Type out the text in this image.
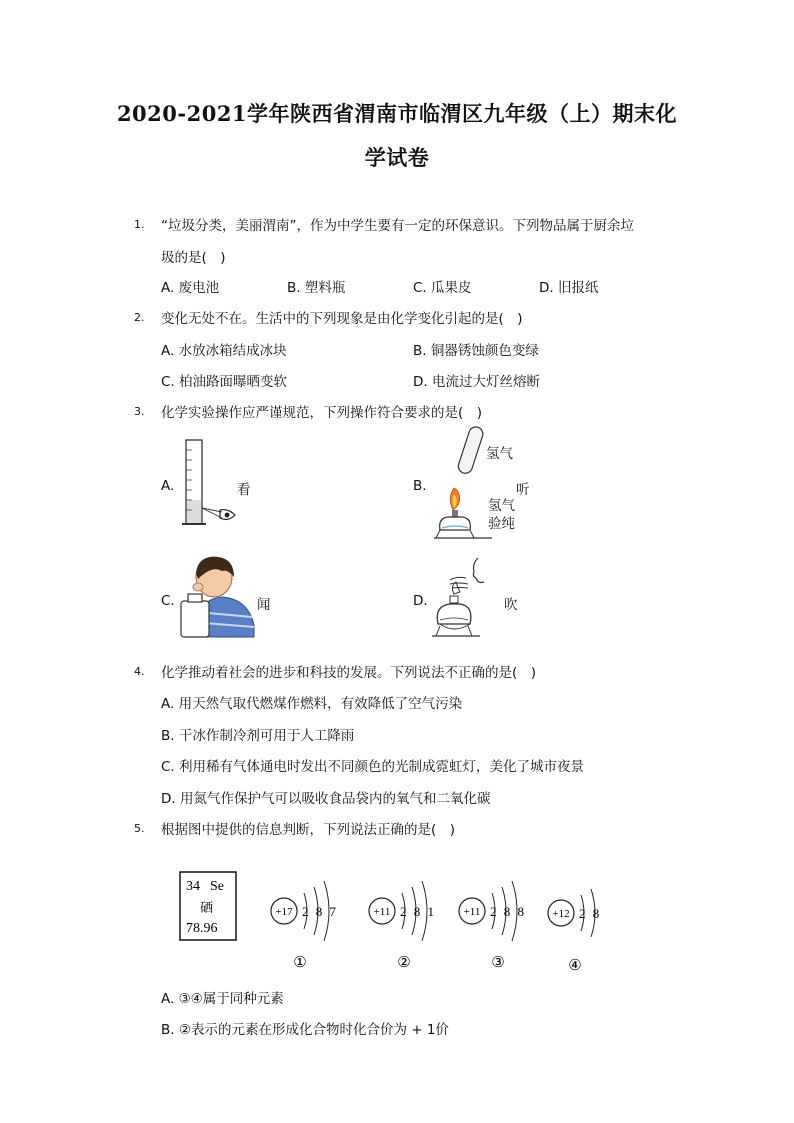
2020-2021学年陕西省渭南市临渭区九年级（上）期末化
学试卷
1. “垃圾分类，美丽渭南”，作为中学生要有一定的环保意识。下列物品属于厨余垃
圾的是(　)
A. 废电池	B. 塑料瓶	C. 瓜果皮	D. 旧报纸
2. 变化无处不在。生活中的下列现象是由化学变化引起的是(　)
A. 水放冰箱结成冰块	B. 铜器锈蚀颜色变绿
C. 柏油路面曝晒变软	D. 电流过大灯丝熔断
3. 化学实验操作应严谨规范，下列操作符合要求的是(　)
A.	看	B.
氢气
听
氢气
验纯
C.	闻	D.	吹
4. 化学推动着社会的进步和科技的发展。下列说法不正确的是(　)
A. 用天然气取代燃煤作燃料，有效降低了空气污染
B. 干冰作制冷剂可用于人工降雨
C. 利用稀有气体通电时发出不同颜色的光制成霓虹灯，美化了城市夜景
D. 用氮气作保护气可以吸收食品袋内的氧气和二氧化碳
5. 根据图中提供的信息判断，下列说法正确的是(　)
34 Se
硒
78.96
+17 2 8 7
①
+11 2 8 1
②
+11 2 8 8
③
+12 2 8
④
A. ③④属于同种元素
B. ②表示的元素在形成化合物时化合价为 + 1价
